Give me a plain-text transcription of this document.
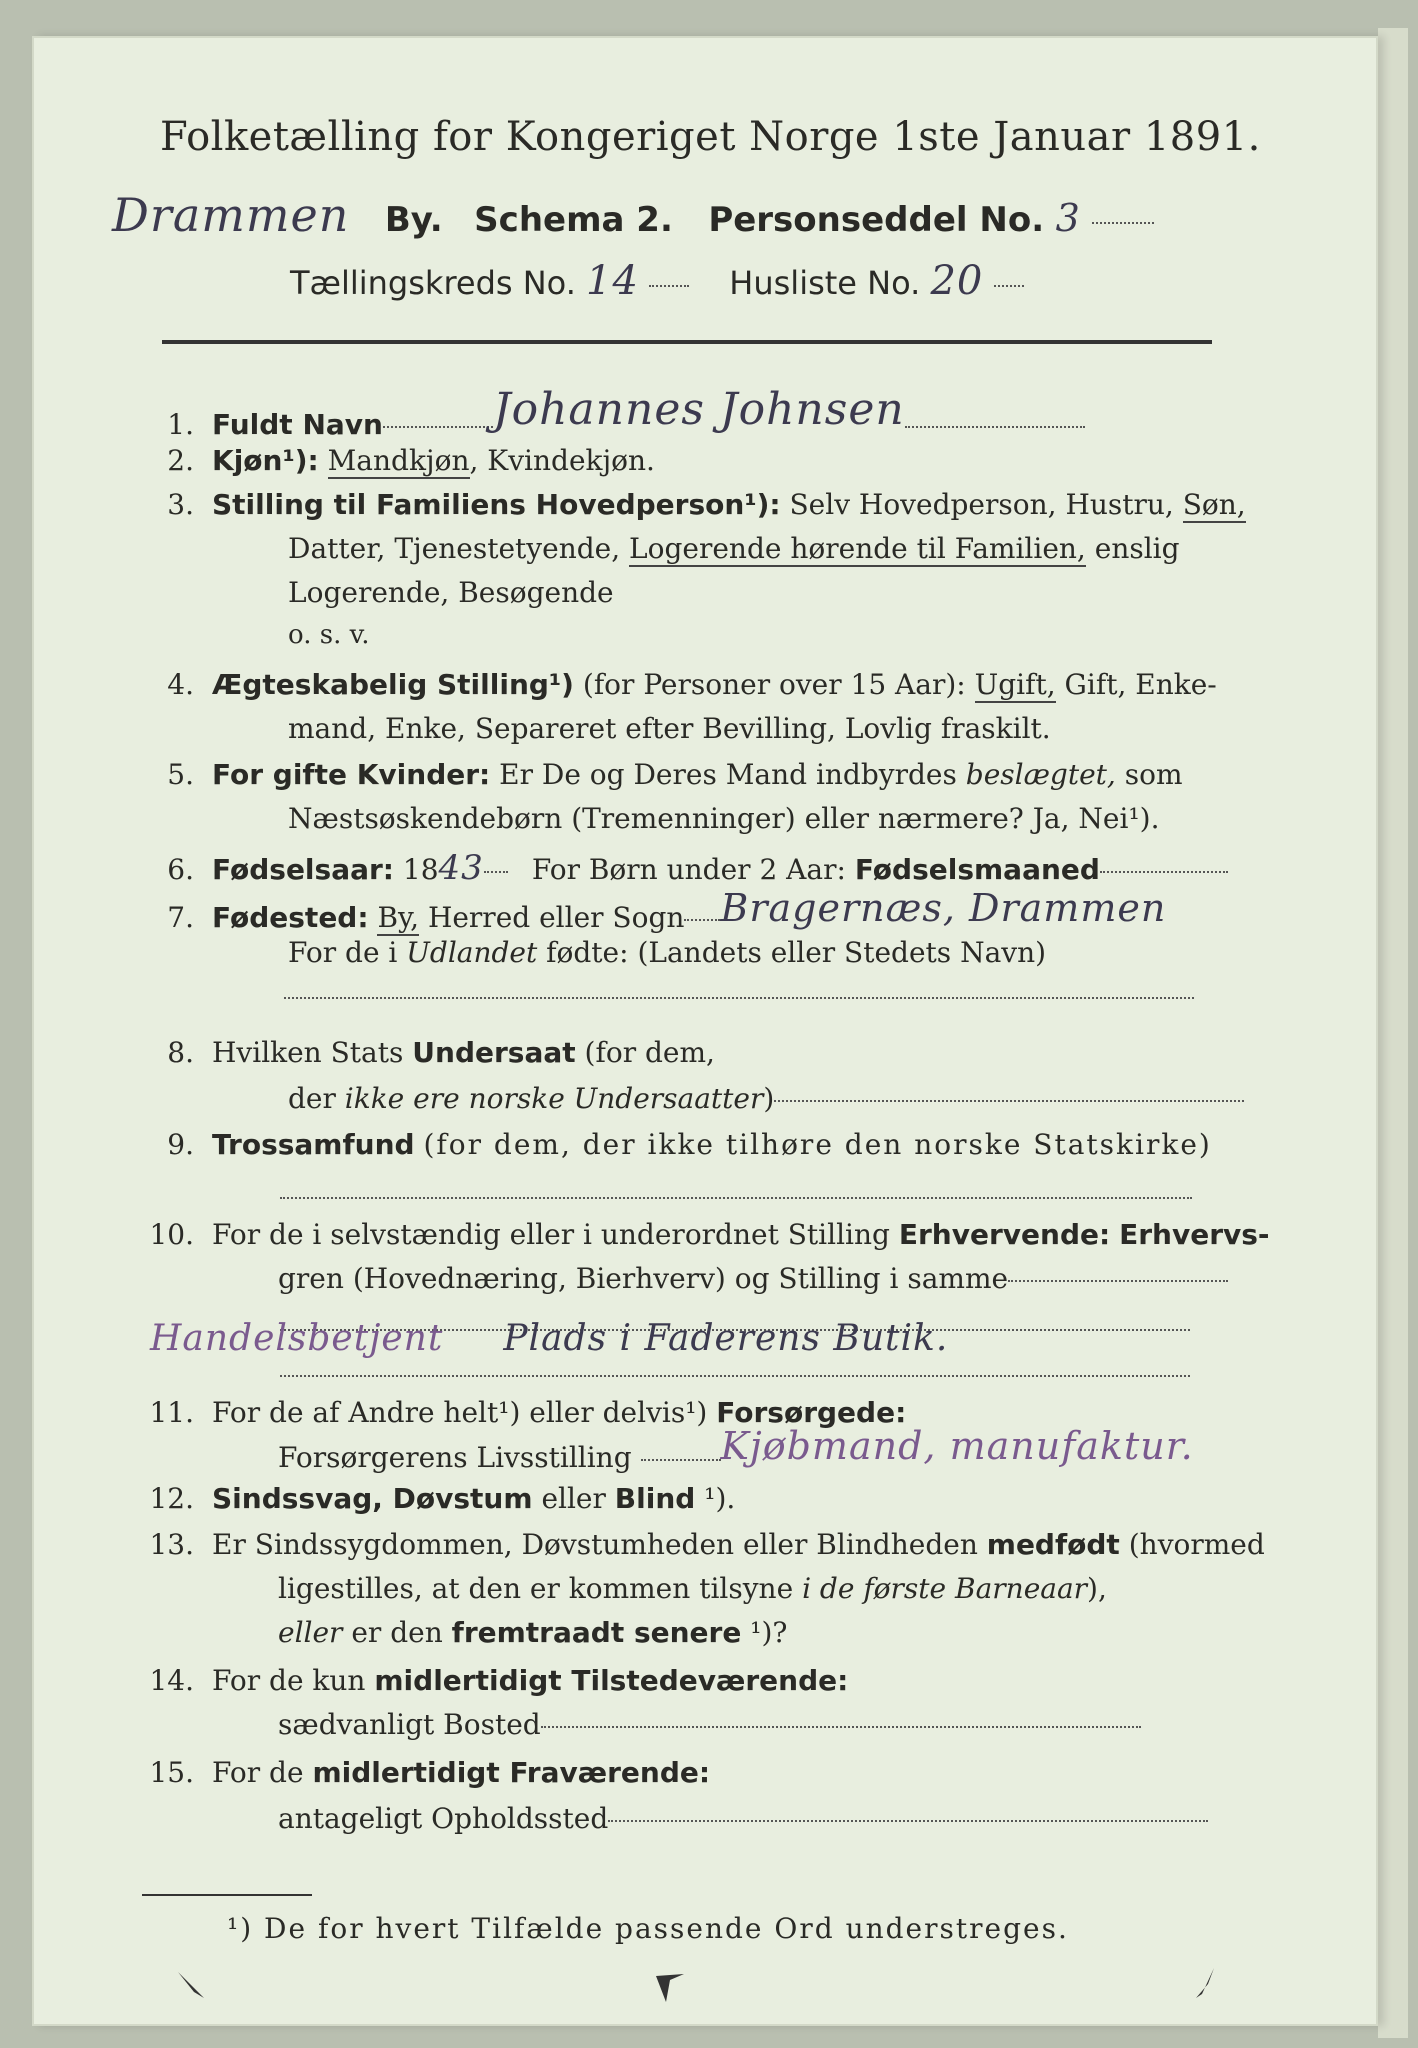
Folketælling for Kongeriget Norge 1ste Januar 1891.
Drammen By. Schema 2. Personseddel No. 3
Tællingskreds No. 14	Husliste No. 20
1. Fuldt Navn	Johannes Johnsen
2. Kjøn¹): Mandkjøn, Kvindekjøn.
3. Stilling til Familiens Hovedperson¹): Selv Hovedperson, Hustru, Søn,
Datter, Tjenestetyende, Logerende hørende til Familien, enslig
Logerende, Besøgende
o. s. v.
4. Ægteskabelig Stilling¹) (for Personer over 15 Aar): Ugift, Gift, Enke-
mand, Enke, Separeret efter Bevilling, Lovlig fraskilt.
5. For gifte Kvinder: Er De og Deres Mand indbyrdes beslægtet, som
Næstsøskendebørn (Tremenninger) eller nærmere? Ja, Nei¹).
6. Fødselsaar: 1843 For Børn under 2 Aar: Fødselsmaaned
7. Fødested: By, Herred eller Sogn Bragernæs, Drammen
For de i Udlandet fødte: (Landets eller Stedets Navn)
8. Hvilken Stats Undersaat (for dem,
der ikke ere norske Undersaatter)
9. Trossamfund (for dem, der ikke tilhøre den norske Statskirke)
10. For de i selvstændig eller i underordnet Stilling Erhvervende: Erhvervs-
gren (Hovednæring, Bierhverv) og Stilling i samme
Handelsbetjent Plads i Faderens Butik.
11. For de af Andre helt¹) eller delvis¹) Forsørgede:
Forsørgerens Livsstilling Kjøbmand, manufaktur.
12. Sindssvag, Døvstum eller Blind ¹).
13. Er Sindssygdommen, Døvstumheden eller Blindheden medfødt (hvormed
ligestilles, at den er kommen tilsyne i de første Barneaar),
eller er den fremtraadt senere ¹)?
14. For de kun midlertidigt Tilstedeværende:
sædvanligt Bosted
15. For de midlertidigt Fraværende:
antageligt Opholdssted
¹) De for hvert Tilfælde passende Ord understreges.
